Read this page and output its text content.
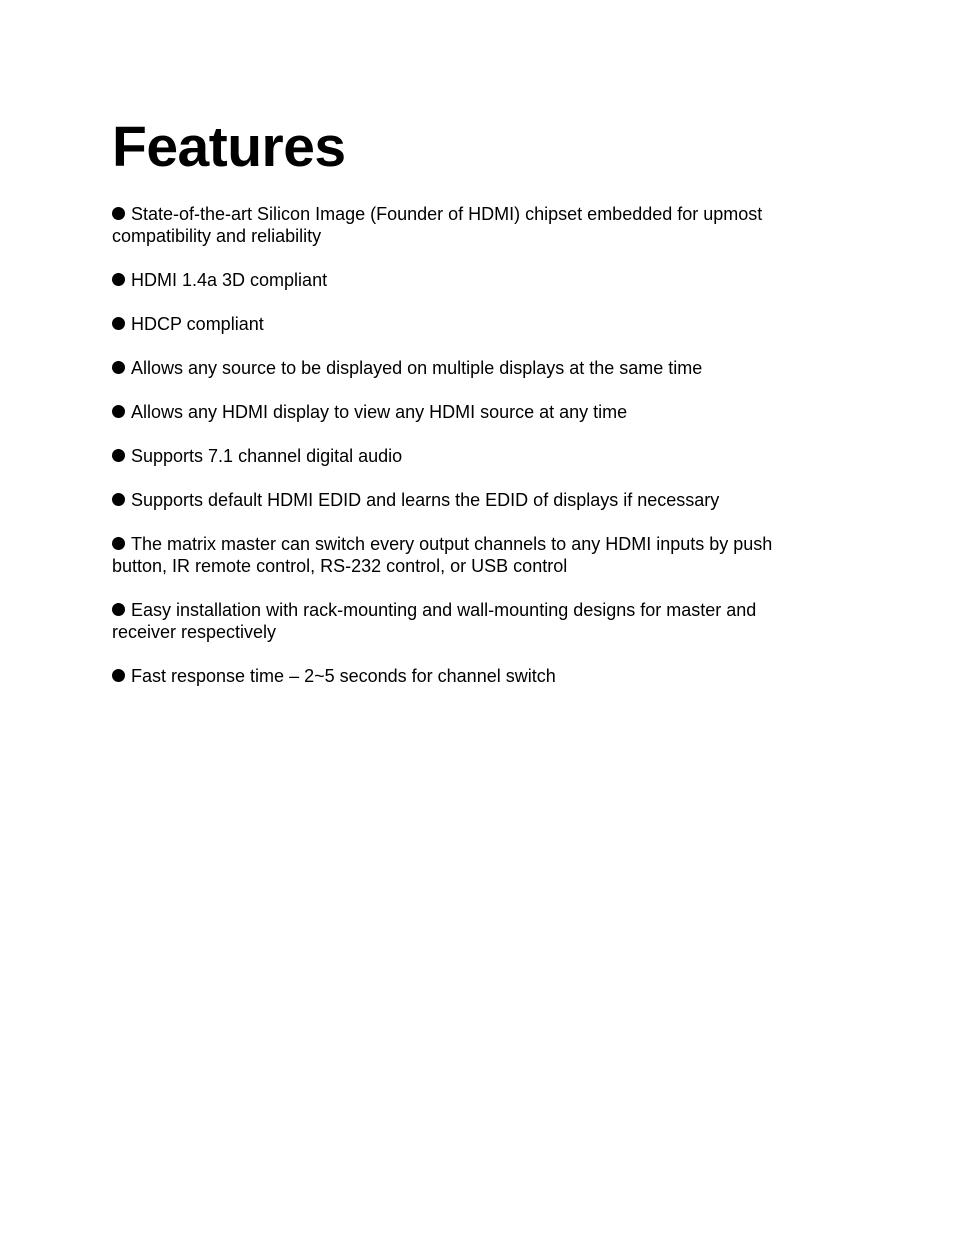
Features
State-of-the-art Silicon Image (Founder of HDMI) chipset embedded for upmost compatibility and reliability
HDMI 1.4a 3D compliant
HDCP compliant
Allows any source to be displayed on multiple displays at the same time
Allows any HDMI display to view any HDMI source at any time
Supports 7.1 channel digital audio
Supports default HDMI EDID and learns the EDID of displays if necessary
The matrix master can switch every output channels to any HDMI inputs by push button, IR remote control, RS-232 control, or USB control
Easy installation with rack-mounting and wall-mounting designs for master and receiver respectively
Fast response time – 2~5 seconds for channel switch
